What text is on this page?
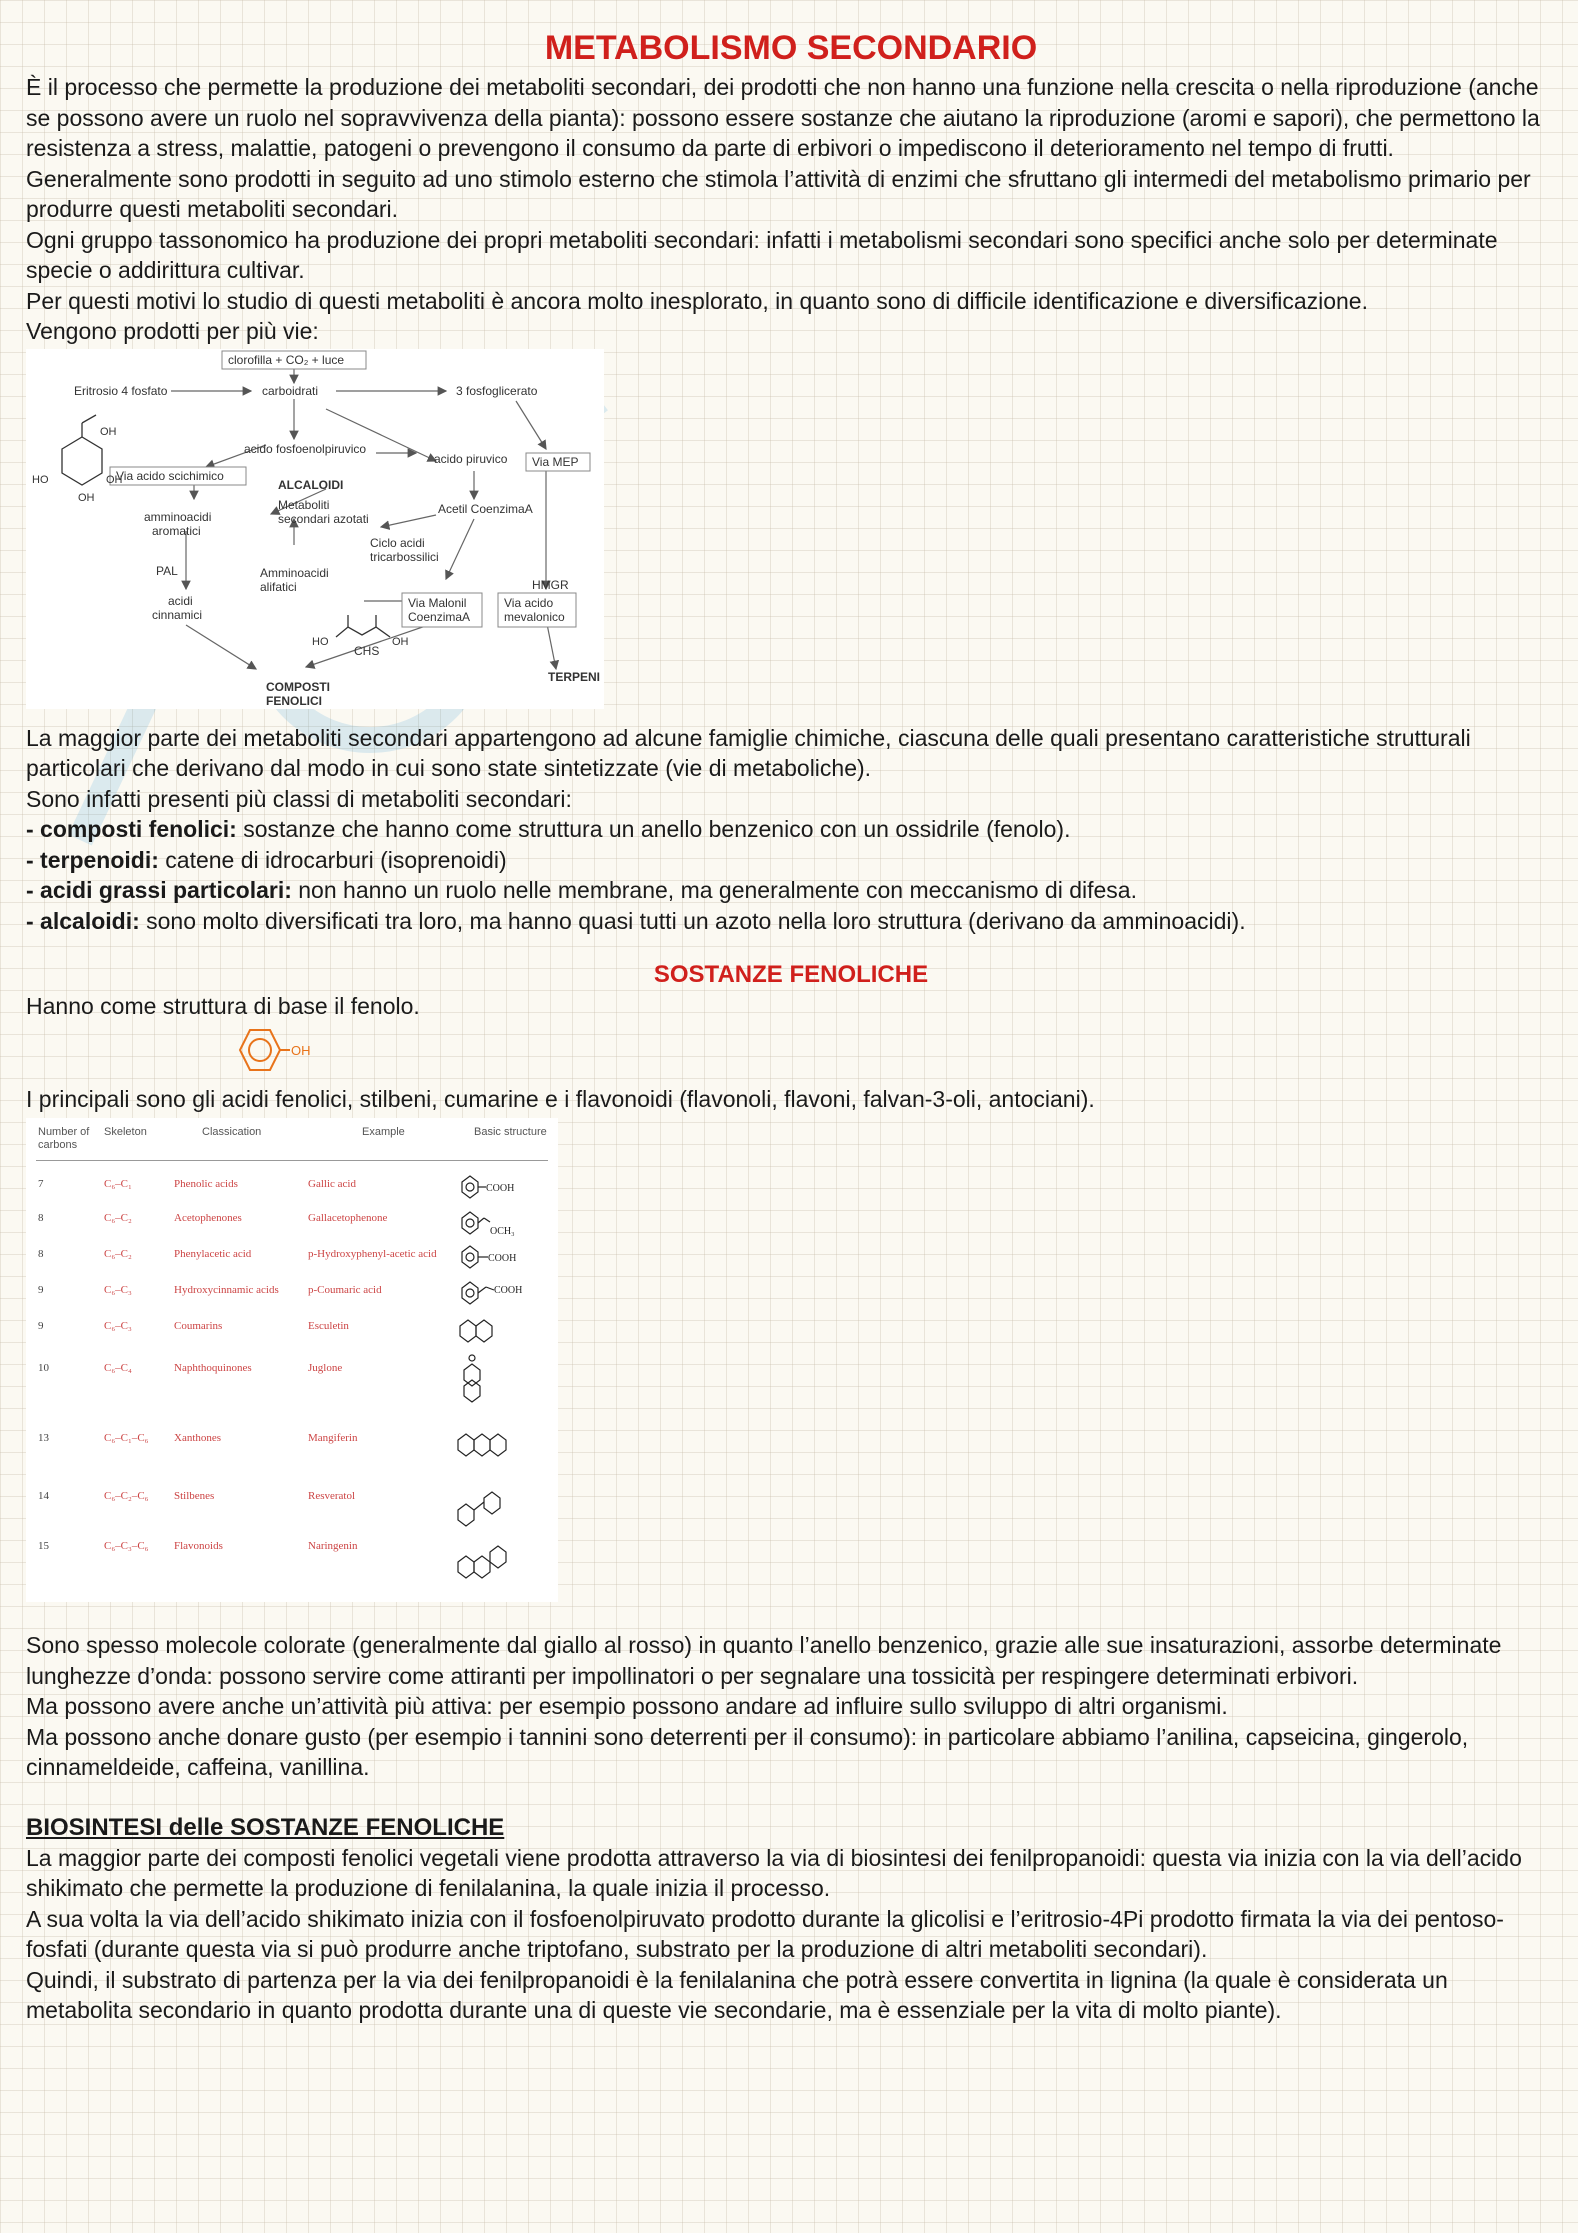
METABOLISMO SECONDARIO

È il processo che permette la produzione dei metaboliti secondari, dei prodotti che non hanno una funzione nella crescita o nella riproduzione (anche se possono avere un ruolo nel sopravvivenza della pianta): possono essere sostanze che aiutano la riproduzione (aromi e sapori), che permettono la resistenza a stress, malattie, patogeni o prevengono il consumo da parte di erbivori o impediscono il deterioramento nel tempo di frutti.

Generalmente sono prodotti in seguito ad uno stimolo esterno che stimola l’attività di enzimi che sfruttano gli intermedi del metabolismo primario per produrre questi metaboliti secondari.

Ogni gruppo tassonomico ha produzione dei propri metaboliti secondari: infatti i metabolismi secondari sono specifici anche solo per determinate specie o addirittura cultivar.

Per questi motivi lo studio di questi metaboliti è ancora molto inesplorato, in quanto sono di difficile identificazione e diversificazione.

Vengono prodotti per più vie:

clorofilla + CO₂ + luce
Eritrosio 4 fosfato	carboidrati	3 fosfoglicerato
acido fosfoenolpiruvico
acido piruvico Via MEP
Via acido scichimico
ALCALOIDI
Metaboliti
secondari azotati
Acetil CoenzimaA
amminoacidi
aromatici
Ciclo acidi
tricarbossilici
PAL	Amminoacidi
alifatici	HMGR
acidi
cinnamici
Via Malonil
CoenzimaA
Via acido
mevalonico
CHS
COMPOSTI
FENOLICI
TERPENI
OH
HO	OH
OH
HO	OH

La maggior parte dei metaboliti secondari appartengono ad alcune famiglie chimiche, ciascuna delle quali presentano caratteristiche strutturali particolari che derivano dal modo in cui sono state sintetizzate (vie di metaboliche).

Sono infatti presenti più classi di metaboliti secondari:

- composti fenolici: sostanze che hanno come struttura un anello benzenico con un ossidrile (fenolo).

- terpenoidi: catene di idrocarburi (isoprenoidi)

- acidi grassi particolari: non hanno un ruolo nelle membrane, ma generalmente con meccanismo di difesa.

- alcaloidi: sono molto diversificati tra loro, ma hanno quasi tutti un azoto nella loro struttura (derivano da amminoacidi).

SOSTANZE FENOLICHE

Hanno come struttura di base il fenolo.

OH

I principali sono gli acidi fenolici, stilbeni, cumarine e i flavonoidi (flavonoli, flavoni, falvan-3-oli, antociani).

Number of carbons
Skeleton	Classication	Example	Basic structure
7	C₆–C₁	Phenolic acids	Gallic acid
8	C₆–C₂	Acetophenones	Gallacetophenone
8	C₆–C₂	Phenylacetic acid	p-Hydroxyphenyl-acetic acid
9	C₆–C₃	Hydroxycinnamic acids	p-Coumaric acid
9	C₆–C₃	Coumarins	Esculetin
10	C₆–C₄	Naphthoquinones	Juglone
13	C₆–C₁–C₆ Xanthones	Mangiferin
14	C₆–C₂–C₆ Stilbenes	Resveratol
15	C₆–C₃–C₆ Flavonoids	Naringenin
COOH
OCH₃
COOH
COOH

Sono spesso molecole colorate (generalmente dal giallo al rosso) in quanto l’anello benzenico, grazie alle sue insaturazioni, assorbe determinate lunghezze d’onda: possono servire come attiranti per impollinatori o per segnalare una tossicità per respingere determinati erbivori.

Ma possono avere anche un’attività più attiva: per esempio possono andare ad influire sullo sviluppo di altri organismi.

Ma possono anche donare gusto (per esempio i tannini sono deterrenti per il consumo): in particolare abbiamo l’anilina, capseicina, gingerolo, cinnameldeide, caffeina, vanillina.

BIOSINTESI delle SOSTANZE FENOLICHE

La maggior parte dei composti fenolici vegetali viene prodotta attraverso la via di biosintesi dei fenilpropanoidi: questa via inizia con la via dell’acido shikimato che permette la produzione di fenilalanina, la quale inizia il processo.

A sua volta la via dell’acido shikimato inizia con il fosfoenolpiruvato prodotto durante la glicolisi e l’eritrosio-4Pi prodotto firmata la via dei pentoso-fosfati (durante questa via si può produrre anche triptofano, substrato per la produzione di altri metaboliti secondari).

Quindi, il substrato di partenza per la via dei fenilpropanoidi è la fenilalanina che potrà essere convertita in lignina (la quale è considerata un metabolita secondario in quanto prodotta durante una di queste vie secondarie, ma è essenziale per la vita di molto piante).
